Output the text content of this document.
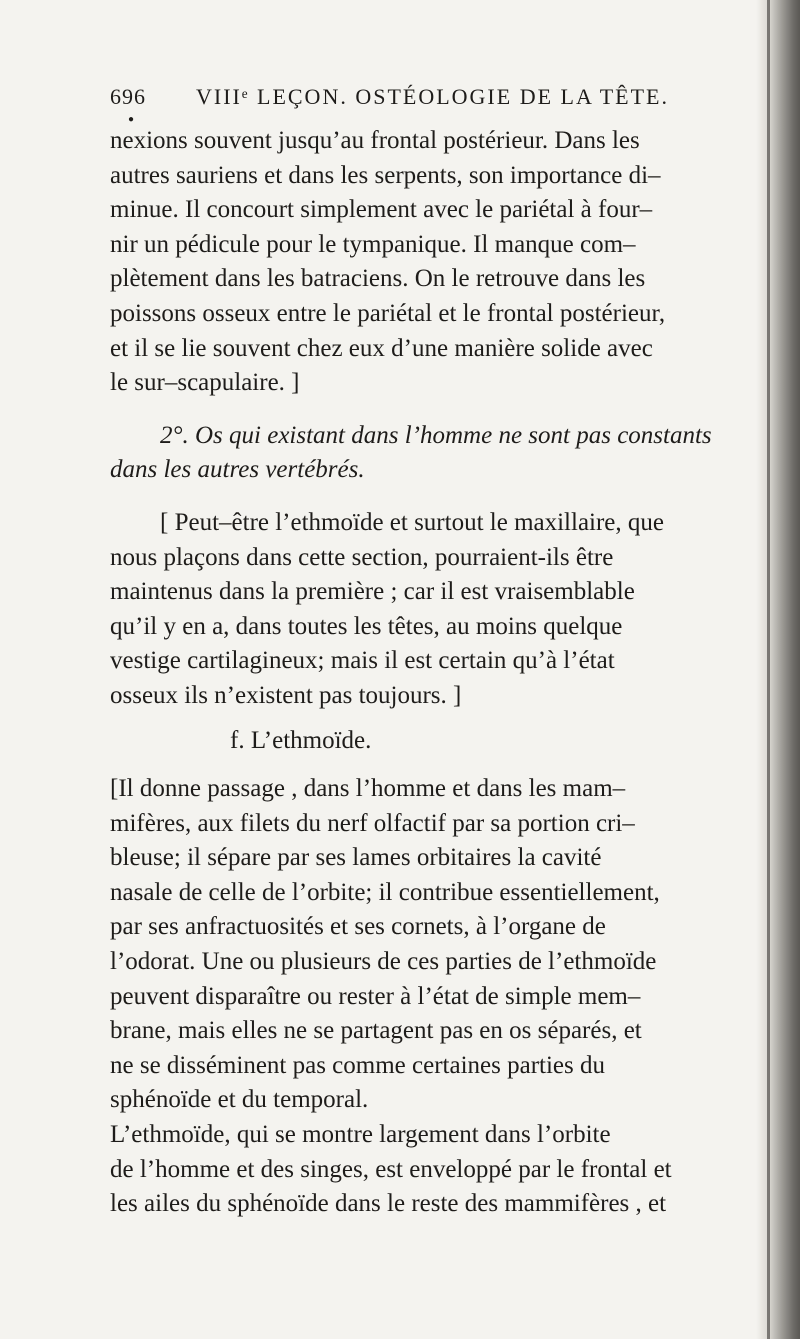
696 VIIIᵉ LEÇON. OSTÉOLOGIE DE LA TÊTE.
●
nexions souvent jusqu’au frontal postérieur. Dans les
autres sauriens et dans les serpents, son importance di–
minue. Il concourt simplement avec le pariétal à four–
nir un pédicule pour le tympanique. Il manque com–
plètement dans les batraciens. On le retrouve dans les
poissons osseux entre le pariétal et le frontal postérieur,
et il se lie souvent chez eux d’une manière solide avec
le sur–scapulaire. ]
2°. Os qui existant dans l’homme ne sont pas constants
dans les autres vertébrés.
[ Peut–être l’ethmoïde et surtout le maxillaire, que
nous plaçons dans cette section, pourraient-ils être
maintenus dans la première ; car il est vraisemblable
qu’il y en a, dans toutes les têtes, au moins quelque
vestige cartilagineux; mais il est certain qu’à l’état
osseux ils n’existent pas toujours. ]
f. L’ethmoïde.
[Il donne passage , dans l’homme et dans les mam–
mifères, aux filets du nerf olfactif par sa portion cri–
bleuse; il sépare par ses lames orbitaires la cavité
nasale de celle de l’orbite; il contribue essentiellement,
par ses anfractuosités et ses cornets, à l’organe de
l’odorat. Une ou plusieurs de ces parties de l’ethmoïde
peuvent disparaître ou rester à l’état de simple mem–
brane, mais elles ne se partagent pas en os séparés, et
ne se disséminent pas comme certaines parties du
sphénoïde et du temporal.
L’ethmoïde, qui se montre largement dans l’orbite
de l’homme et des singes, est enveloppé par le frontal et
les ailes du sphénoïde dans le reste des mammifères , et
